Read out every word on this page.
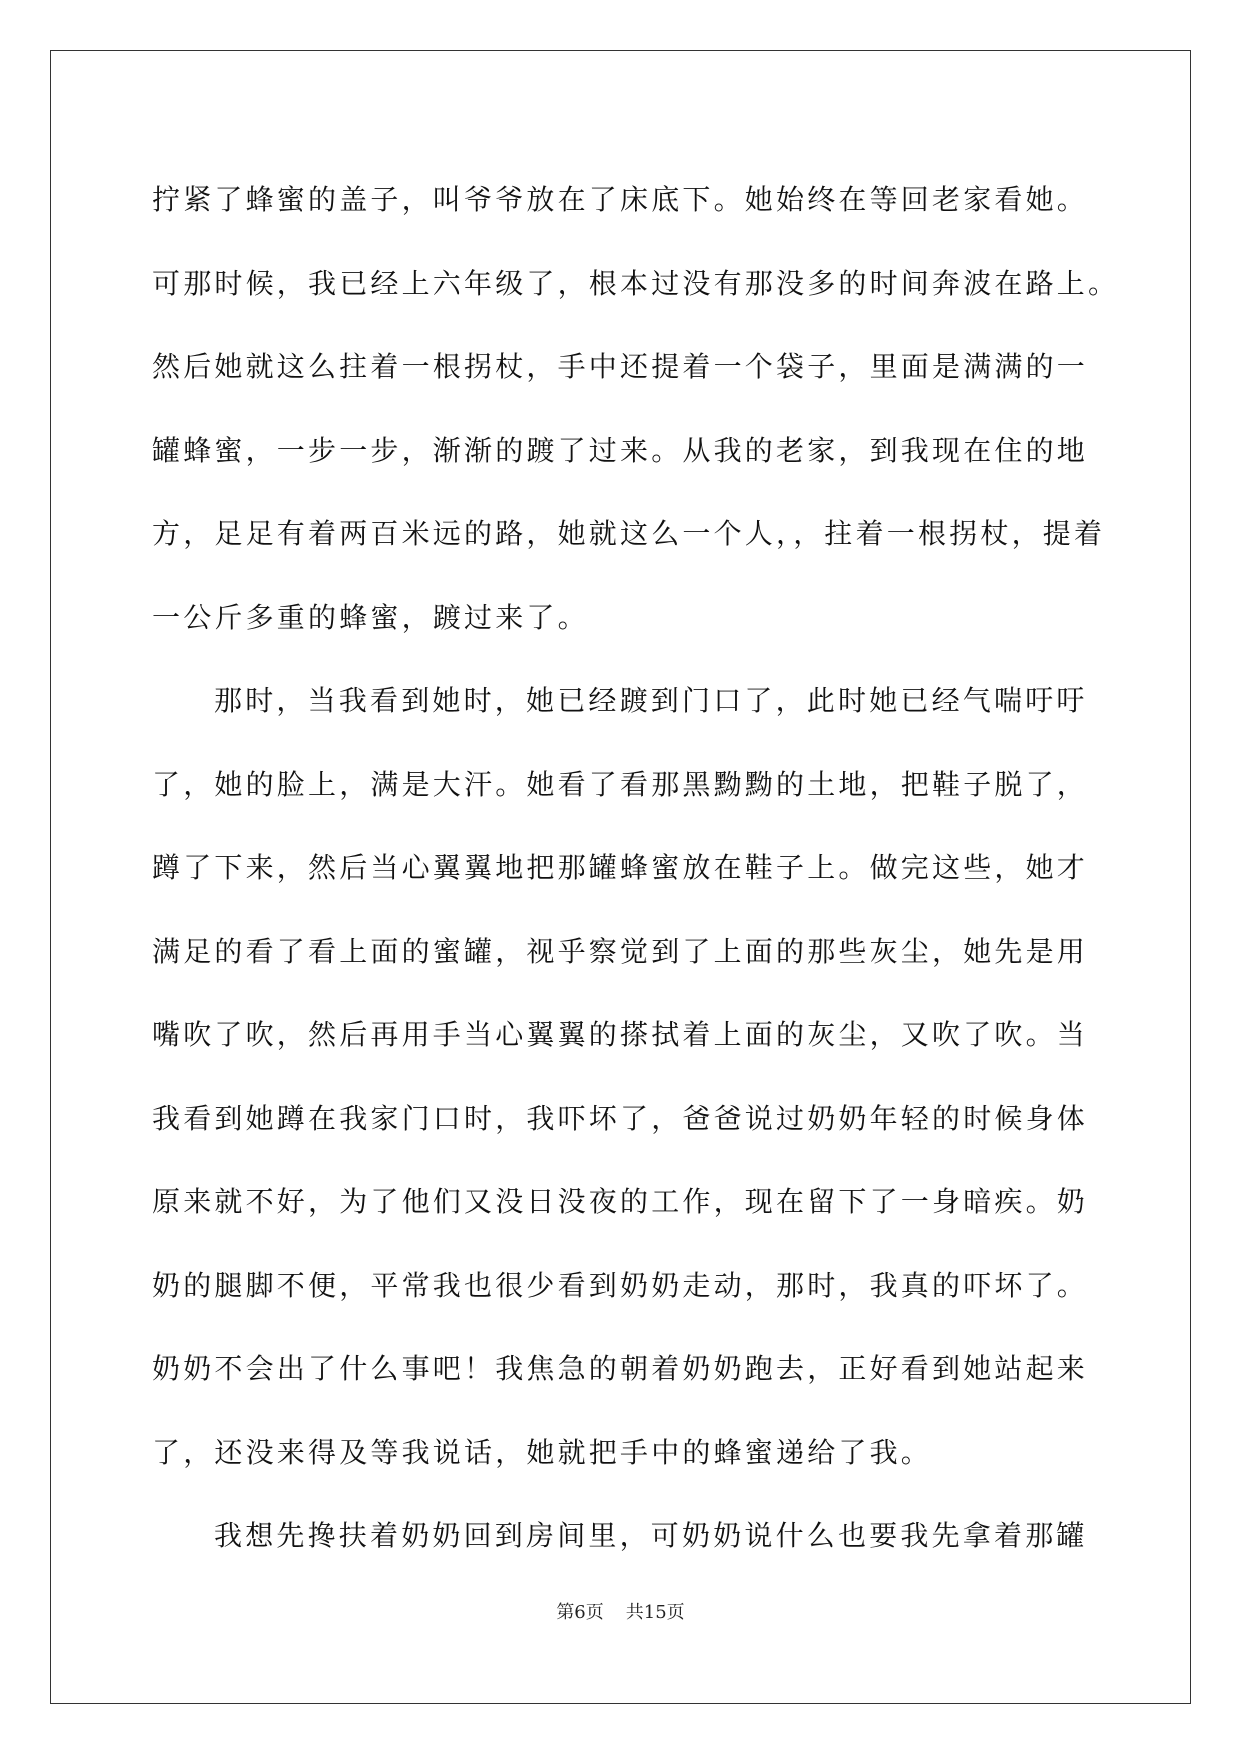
拧紧了蜂蜜的盖子，叫爷爷放在了床底下。她始终在等回老家看她。
可那时候，我已经上六年级了，根本过没有那没多的时间奔波在路上。
然后她就这么拄着一根拐杖，手中还提着一个袋子，里面是满满的一
罐蜂蜜，一步一步，渐渐的踱了过来。从我的老家，到我现在住的地
方，足足有着两百米远的路，她就这么一个人，，拄着一根拐杖，提着
一公斤多重的蜂蜜，踱过来了。
那时，当我看到她时，她已经踱到门口了，此时她已经气喘吁吁
了，她的脸上，满是大汗。她看了看那黑黝黝的土地，把鞋子脱了，
蹲了下来，然后当心翼翼地把那罐蜂蜜放在鞋子上。做完这些，她才
满足的看了看上面的蜜罐，视乎察觉到了上面的那些灰尘，她先是用
嘴吹了吹，然后再用手当心翼翼的搽拭着上面的灰尘，又吹了吹。当
我看到她蹲在我家门口时，我吓坏了，爸爸说过奶奶年轻的时候身体
原来就不好，为了他们又没日没夜的工作，现在留下了一身暗疾。奶
奶的腿脚不便，平常我也很少看到奶奶走动，那时，我真的吓坏了。
奶奶不会出了什么事吧！我焦急的朝着奶奶跑去，正好看到她站起来
了，还没来得及等我说话，她就把手中的蜂蜜递给了我。
我想先搀扶着奶奶回到房间里，可奶奶说什么也要我先拿着那罐
第6页 共15页
